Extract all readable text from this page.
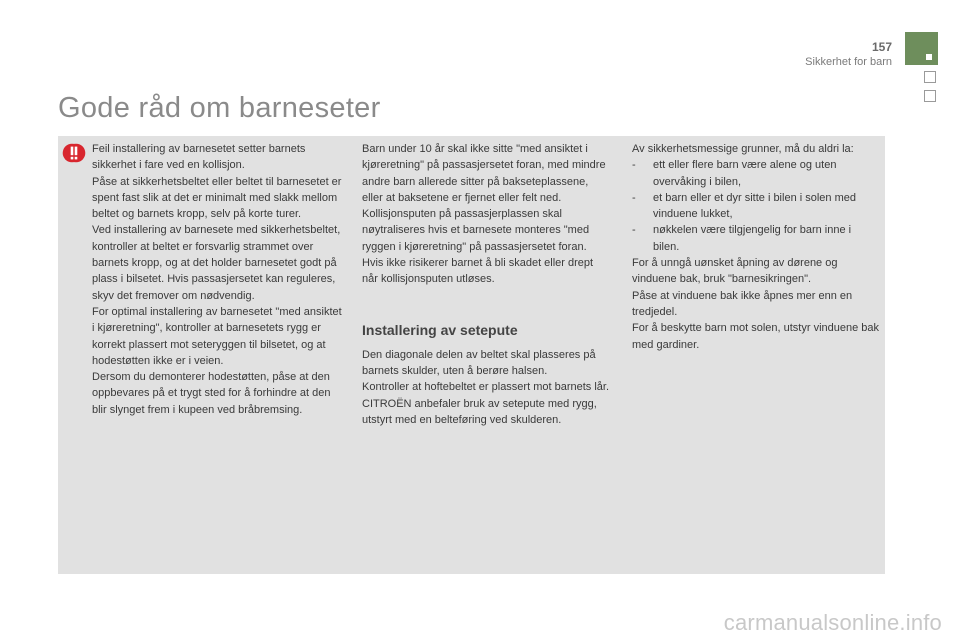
157
Sikkerhet for barn
Gode råd om barneseter

Feil installering av barnesetet setter barnets sikkerhet i fare ved en kollisjon.

Påse at sikkerhetsbeltet eller beltet til barnesetet er spent fast slik at det er minimalt med slakk mellom beltet og barnets kropp, selv på korte turer.

Ved installering av barnesete med sikkerhetsbeltet, kontroller at beltet er forsvarlig strammet over barnets kropp, og at det holder barnesetet godt på plass i bilsetet. Hvis passasjersetet kan reguleres, skyv det fremover om nødvendig.

For optimal installering av barnesetet "med ansiktet i kjøreretning", kontroller at barnesetets rygg er korrekt plassert mot seteryggen til bilsetet, og at hodestøtten ikke er i veien.

Dersom du demonterer hodestøtten, påse at den oppbevares på et trygt sted for å forhindre at den blir slynget frem i kupeen ved bråbremsing.

Barn under 10 år skal ikke sitte "med ansiktet i kjøreretning" på passasjersetet foran, med mindre andre barn allerede sitter på bakseteplassene, eller at baksetene er fjernet eller felt ned.

Kollisjonsputen på passasjerplassen skal nøytraliseres hvis et barnesete monteres "med ryggen i kjøreretning" på passasjersetet foran.

Hvis ikke risikerer barnet å bli skadet eller drept når kollisjonsputen utløses.

Installering av setepute

Den diagonale delen av beltet skal plasseres på barnets skulder, uten å berøre halsen.

Kontroller at hoftebeltet er plassert mot barnets lår.

CITROËN anbefaler bruk av setepute med rygg, utstyrt med en belteføring ved skulderen.

Av sikkerhetsmessige grunner, må du aldri la:

-	ett eller flere barn være alene og uten overvåking i bilen,
-	et barn eller et dyr sitte i bilen i solen med vinduene lukket,
-	nøkkelen være tilgjengelig for barn inne i bilen.

For å unngå uønsket åpning av dørene og vinduene bak, bruk "barnesikringen".

Påse at vinduene bak ikke åpnes mer enn en tredjedel.

For å beskytte barn mot solen, utstyr vinduene bak med gardiner.

carmanualsonline.info
